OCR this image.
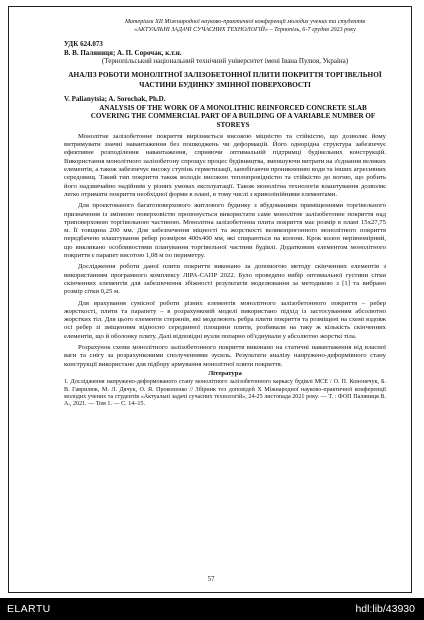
Матеріали XII Міжнародної науково-практичної конференції молодих учених та студентів
«АКТУАЛЬНІ ЗАДАЧІ СУЧАСНИХ ТЕХНОЛОГІЙ» – Тернопіль, 6-7 грудня 2023 року
УДК 624.073
В. В. Паляниця; А. П. Сорочак, к.т.н.
(Тернопільський національний технічний університет імені Івана Пулюя, Україна)
АНАЛІЗ РОБОТИ МОНОЛІТНОЇ ЗАЛІЗОБЕТОННОЇ ПЛИТИ ПОКРИТТЯ ТОРГІВЕЛЬНОЇ ЧАСТИНИ БУДИНКУ ЗМІННОЇ ПОВЕРХОВОСТІ
V. Palianytsia; A. Sorochak, Ph.D.
ANALYSIS OF THE WORK OF A MONOLITHIC REINFORCED CONCRETE SLAB COVERING THE COMMERCIAL PART OF A BUILDING OF A VARIABLE NUMBER OF STOREYS

Монолітне залізобетонне покриття вирізняється високою міцністю та стійкістю, що дозволяє йому витримувати значні навантаження без пошкоджень чи деформацій. Його однорідна структура забезпечує ефективне розподілення навантаження, сприяючи оптимальній підтримці будівельних конструкцій. Використання монолітного залізобетону спрощує процес будівництва, зменшуючи витрати на з'єднання великих елементів, а також забезпечує високу ступінь герметизації, запобігаючи проникненню води та інших агресивних середовищ. Такий тип покриття також володіє високою теплопровідністю та стійкістю до вогню, що робить його надзвичайно надійним у різних умовах експлуатації. Також монолітна технологія влаштування дозволяє легко отримати покриття необхідної форми в плані, в тому числі з криволінійними елементами.

Для проектованого багатоповерхового житлового будинку з вбудованими приміщеннями торгівельного призначення із змінною поверховістю пропонується використати саме монолітне залізобетонне покриття над триповерховою торгівельною частиною. Монолітна залізобетонна плита покриття має розмір в плані 15x27,75 м. Її товщина 200 мм. Для забезпечення міцності та жорсткості великопрогонного монолітного покриття передбачено влаштування ребер розміром 400x400 мм, які спираються на колони. Крок колон нерівномірний, що викликано особливостями планування торгівельної частини будівлі. Додатковим елементом монолітного покриття є парапет висотою 1,08 м по периметру.

Дослідження роботи даної плити покриття виконано за допомогою методу скінченних елементів з використанням програмного комплексу ЛІРА-САПР 2022. Було проведено вибір оптимальної густини сітки скінченних елементів для забезпечення збіжності результатів моделювання за методикою з [1] та вибрано розмір сітки 0,25 м.

Для врахування сумісної роботи різних елементів монолітного залізобетонного покриття – ребер жорсткості, плити та парапету – в розрахунковій моделі використано підхід із застосуванням абсолютно жорстких тіл. Для цього елементи стержнів, які моделюють ребра плити покриття та розміщені на схемі вздовж осі ребер зі зміщенням відносно серединної площини плити, розбивали на таку ж кількість скінченних елементів, що й оболонку плиту. Далі відповідні вузли попарно об'єднували у абсолютно жорсткі тіла.

Розрахунок схеми монолітного залізобетонного покриття виконано на статичні навантаження від власної ваги та снігу за розрахунковими сполученнями зусиль. Результати аналізу напружено-деформівного стану конструкції використано для підбору армування монолітної плити покриття.

Література
1. Дослідження напружено-деформованого стану монолітного залізобетонного каркасу будівлі МСЕ / О. П. Кононечук, Б. В. Гаврилюк, М. Л. Дячук, О. Я. Прокопенко // Збірник тез доповідей X Міжнародної науково-практичної конференції молодих учених та студентів «Актуальні задачі сучасних технологій», 24-25 листопада 2021 року. — Т. : ФОП Паляниця В. А., 2021. — Том 1. — С. 14–15.
57
ELARTU	hdl:lib/43930
